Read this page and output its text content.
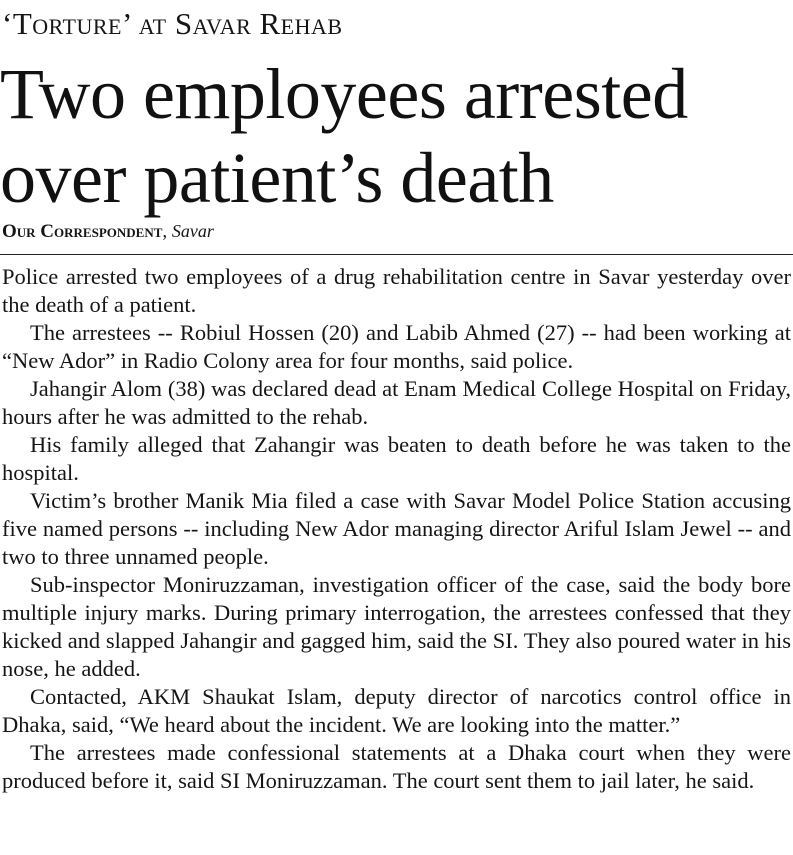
‘Torture’ at Savar Rehab
Two employees arrested
over patient’s death
Our Correspondent, Savar

Police arrested two employees of a drug rehabilitation centre in Savar yesterday over the death of a patient.

The arrestees -- Robiul Hossen (20) and Labib Ahmed (27) -- had been working at “New Ador” in Radio Colony area for four months, said police.

Jahangir Alom (38) was declared dead at Enam Medical College Hospital on Friday, hours after he was admitted to the rehab.

His family alleged that Zahangir was beaten to death before he was taken to the hospital.

Victim’s brother Manik Mia filed a case with Savar Model Police Station accusing five named persons -- including New Ador managing director Ariful Islam Jewel -- and two to three unnamed people.

Sub-inspector Moniruzzaman, investigation officer of the case, said the body bore multiple injury marks. During primary interrogation, the arrestees confessed that they kicked and slapped Jahangir and gagged him, said the SI. They also poured water in his nose, he added.

Contacted, AKM Shaukat Islam, deputy director of narcotics control office in Dhaka, said, “We heard about the incident. We are looking into the matter.”

The arrestees made confessional statements at a Dhaka court when they were produced before it, said SI Moniruzzaman. The court sent them to jail later, he said.
